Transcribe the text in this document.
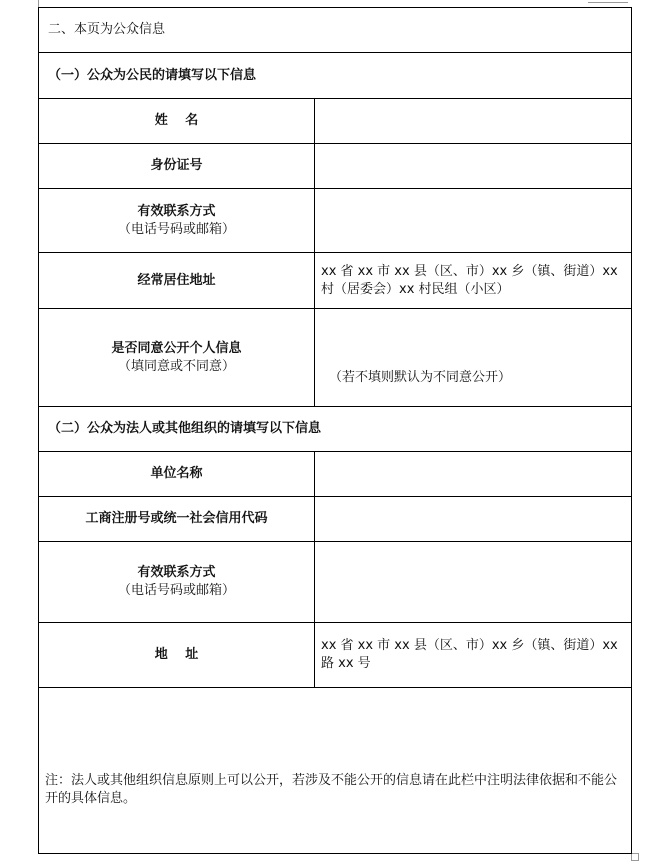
二、本页为公众信息	
（一）公众为公民的请填写以下信息	

姓　 名	

身份证号	

有效联系方式
（电话号码或邮箱）	

经常居住地址	xx 省 xx 市 xx 县（区、市）xx 乡（镇、街道）xx 村（居委会）xx 村民组（小区）

是否同意公开个人信息
（填同意或不同意）	（若不填则默认为不同意公开）

（二）公众为法人或其他组织的请填写以下信息	

单位名称	

工商注册号或统一社会信用代码	

有效联系方式
（电话号码或邮箱）	

地　 址	xx 省 xx 市 xx 县（区、市）xx 乡（镇、街道）xx 路 xx 号
注：法人或其他组织信息原则上可以公开，若涉及不能公开的信息请在此栏中注明法律依据和不能公开的具体信息。	
